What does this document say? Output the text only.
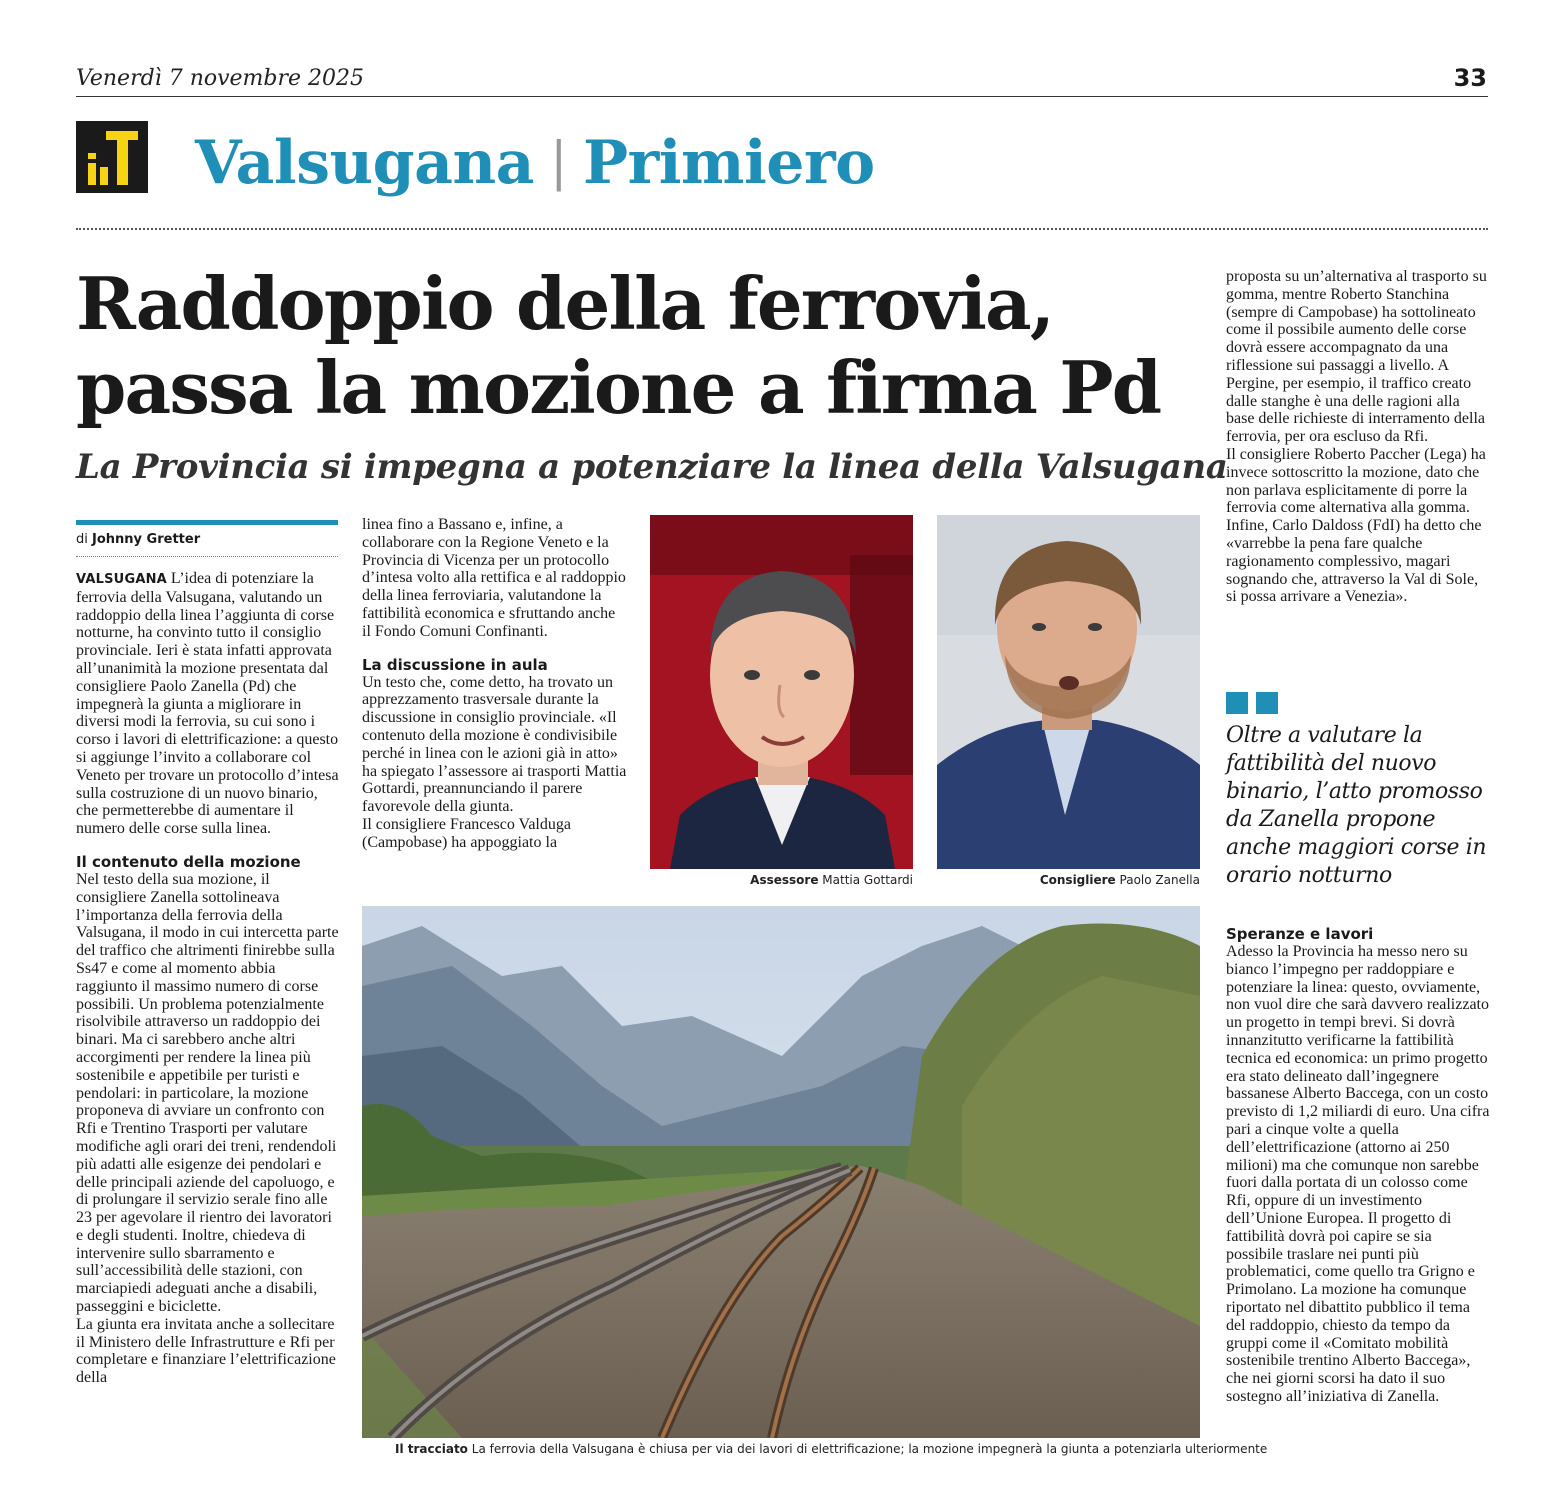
Venerdì 7 novembre 2025	33
Valsugana | Primiero
Raddoppio della ferrovia,
passa la mozione a firma Pd
La Provincia si impegna a potenziare la linea della Valsugana
di Johnny Gretter

VALSUGANA L’idea di potenziare la ferrovia della Valsugana, valutando un raddoppio della linea l’aggiunta di corse notturne, ha convinto tutto il consiglio provinciale. Ieri è stata infatti approvata all’unanimità la mozione presentata dal consigliere Paolo Zanella (Pd) che impegnerà la giunta a migliorare in diversi modi la ferrovia, su cui sono i corso i lavori di elettrificazione: a questo si aggiunge l’invito a collaborare col Veneto per trovare un protocollo d’intesa sulla costruzione di un nuovo binario, che permetterebbe di aumentare il numero delle corse sulla linea.

Il contenuto della mozione

Nel testo della sua mozione, il consigliere Zanella sottolineava l’importanza della ferrovia della Valsugana, il modo in cui intercetta parte del traffico che altrimenti finirebbe sulla Ss47 e come al momento abbia raggiunto il massimo numero di corse possibili. Un problema potenzialmente risolvibile attraverso un raddoppio dei binari. Ma ci sarebbero anche altri accorgimenti per rendere la linea più sostenibile e appetibile per turisti e pendolari: in particolare, la mozione proponeva di avviare un confronto con Rfi e Trentino Trasporti per valutare modifiche agli orari dei treni, rendendoli più adatti alle esigenze dei pendolari e delle principali aziende del capoluogo, e di prolungare il servizio serale fino alle 23 per agevolare il rientro dei lavoratori e degli studenti. Inoltre, chiedeva di intervenire sullo sbarramento e sull’accessibilità delle stazioni, con marciapiedi adeguati anche a disabili, passeggini e biciclette.

La giunta era invitata anche a sollecitare il Ministero delle Infrastrutture e Rfi per completare e finanziare l’elettrificazione della

linea fino a Bassano e, infine, a collaborare con la Regione Veneto e la Provincia di Vicenza per un protocollo d’intesa volto alla rettifica e al raddoppio della linea ferroviaria, valutandone la fattibilità economica e sfruttando anche il Fondo Comuni Confinanti.

La discussione in aula

Un testo che, come detto, ha trovato un apprezzamento trasversale durante la discussione in consiglio provinciale. «Il contenuto della mozione è condivisibile perché in linea con le azioni già in atto» ha spiegato l’assessore ai trasporti Mattia Gottardi, preannunciando il parere favorevole della giunta.

Il consigliere Francesco Valduga (Campobase) ha appoggiato la

Assessore Mattia Gottardi	Consigliere Paolo Zanella
Il tracciato La ferrovia della Valsugana è chiusa per via dei lavori di elettrificazione; la mozione impegnerà la giunta a potenziarla ulteriormente

proposta su un’alternativa al trasporto su gomma, mentre Roberto Stanchina (sempre di Campobase) ha sottolineato come il possibile aumento delle corse dovrà essere accompagnato da una riflessione sui passaggi a livello. A Pergine, per esempio, il traffico creato dalle stanghe è una delle ragioni alla base delle richieste di interramento della ferrovia, per ora escluso da Rfi.

Il consigliere Roberto Paccher (Lega) ha invece sottoscritto la mozione, dato che non parlava esplicitamente di porre la ferrovia come alternativa alla gomma.

Infine, Carlo Daldoss (FdI) ha detto che «varrebbe la pena fare qualche ragionamento complessivo, magari sognando che, attraverso la Val di Sole, si possa arrivare a Venezia».

Oltre a valutare la fattibilità del nuovo binario, l’atto promosso da Zanella propone anche maggiori corse in orario notturno

Speranze e lavori

Adesso la Provincia ha messo nero su bianco l’impegno per raddoppiare e potenziare la linea: questo, ovviamente, non vuol dire che sarà davvero realizzato un progetto in tempi brevi. Si dovrà innanzitutto verificarne la fattibilità tecnica ed economica: un primo progetto era stato delineato dall’ingegnere bassanese Alberto Baccega, con un costo previsto di 1,2 miliardi di euro. Una cifra pari a cinque volte a quella dell’elettrificazione (attorno ai 250 milioni) ma che comunque non sarebbe fuori dalla portata di un colosso come Rfi, oppure di un investimento dell’Unione Europea. Il progetto di fattibilità dovrà poi capire se sia possibile traslare nei punti più problematici, come quello tra Grigno e Primolano. La mozione ha comunque riportato nel dibattito pubblico il tema del raddoppio, chiesto da tempo da gruppi come il «Comitato mobilità sostenibile trentino Alberto Baccega», che nei giorni scorsi ha dato il suo sostegno all’iniziativa di Zanella.
